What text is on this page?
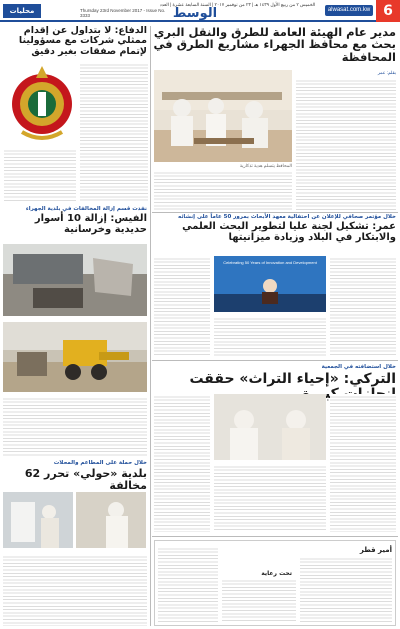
6
alwasat.com.kw
الخميس ۲ من ربيع الأول ۱٤۳۹ هـ | ۲۳ من نوفمبر ۲۰۱۷ | السنة السابعة عشرة | العدد
الوسط
Thursday 23rd November 2017 - Issue No. 3333
محليات
مدير عام الهيئة العامة للطرق والنقل البري بحث مع محافظ الجهراء مشاريع الطرق في المحافظة
المحافظ يتسلم هدية تذكارية
بقلم: عمر
الدفاع: لا بتداول عن إقدام ممثلي شركات مع مسؤولينا لإتمام صفقات بغير دقيق
نفذت قسم إزالة المخالفات في بلدية الجهراء
الفيس: إزالة 10 أسوار حديدية وخرسانية
خلال مؤتمر صحافي للإعلان عن احتفالية معهد الأبحاث بمرور 50 عاماً على إنشائه
عمر: تشكيل لجنة عليا لتطوير البحث العلمي والابتكار في البلاد وزيادة ميزانيتها
Celebrating 50 Years of Innovation and Development
خلال استضافته في الجمعية
التركي: «إحياء التراث» حققت
خلال حملة على المطاعم والمحلات
بلدية «حولي» تحرر 62 مخالفة
أمير قطر
تحت رعاية
